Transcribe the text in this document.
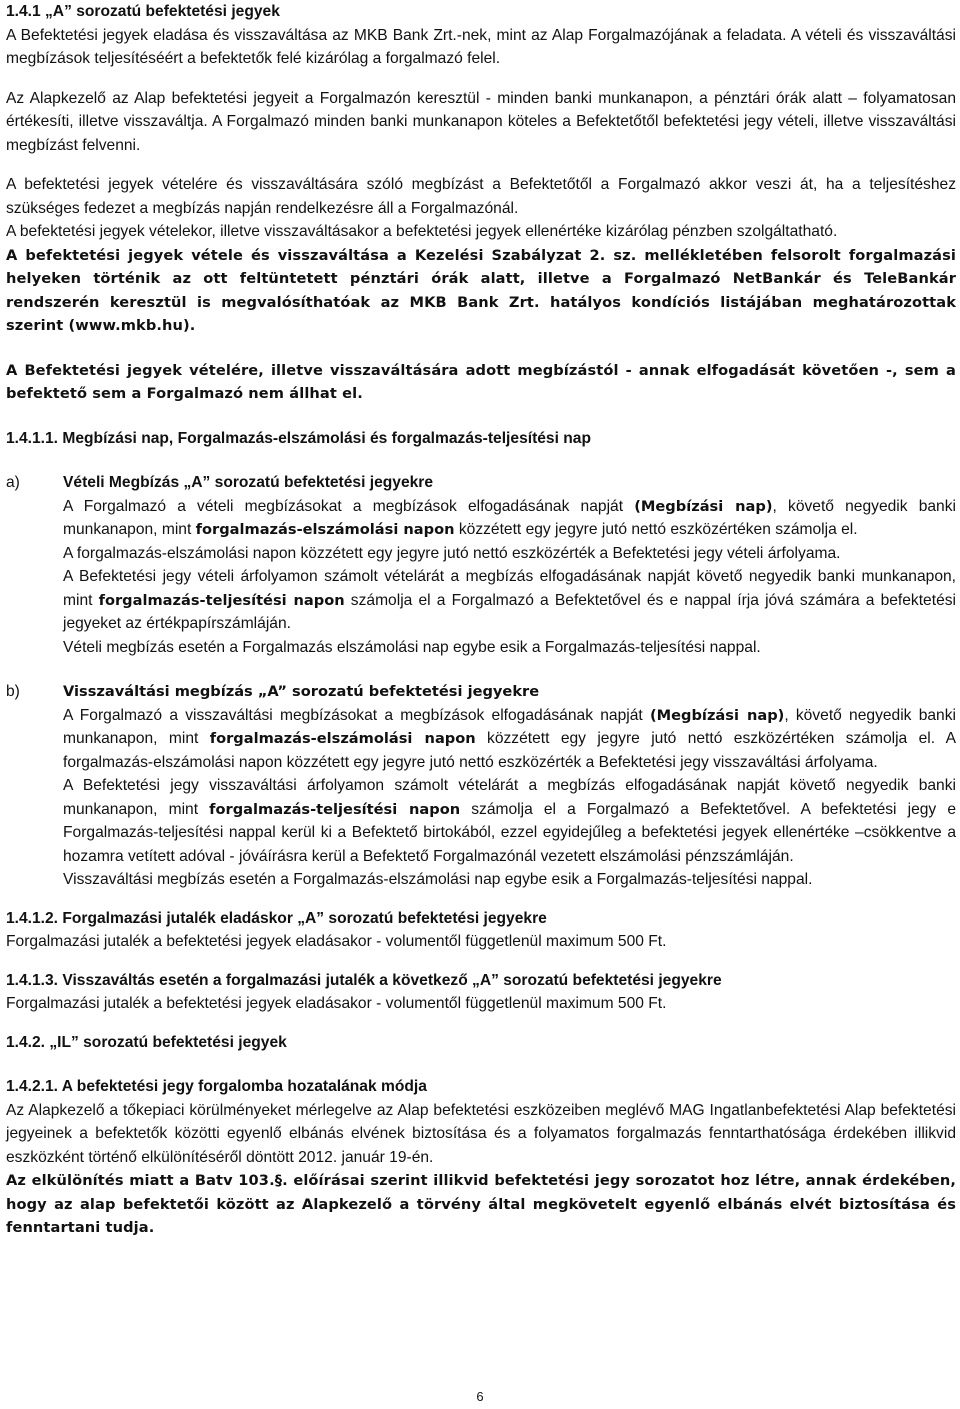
1.4.1 „A” sorozatú befektetési jegyek

A Befektetési jegyek eladása és visszaváltása az MKB Bank Zrt.-nek, mint az Alap Forgalmazójának a feladata. A vételi és visszaváltási megbízások teljesítéséért a befektetők felé kizárólag a forgalmazó felel.

Az Alapkezelő az Alap befektetési jegyeit a Forgalmazón keresztül - minden banki munkanapon, a pénztári órák alatt – folyamatosan értékesíti, illetve visszaváltja. A Forgalmazó minden banki munkanapon köteles a Befektetőtől befektetési jegy vételi, illetve visszaváltási megbízást felvenni.

A befektetési jegyek vételére és visszaváltására szóló megbízást a Befektetőtől a Forgalmazó akkor veszi át, ha a teljesítéshez szükséges fedezet a megbízás napján rendelkezésre áll a Forgalmazónál.

A befektetési jegyek vételekor, illetve visszaváltásakor a befektetési jegyek ellenértéke kizárólag pénzben szolgáltatható.

A befektetési jegyek vétele és visszaváltása a Kezelési Szabályzat 2. sz. mellékletében felsorolt forgalmazási helyeken történik az ott feltüntetett pénztári órák alatt, illetve a Forgalmazó NetBankár és TeleBankár rendszerén keresztül is megvalósíthatóak az MKB Bank Zrt. hatályos kondíciós listájában meghatározottak szerint (www.mkb.hu).

A Befektetési jegyek vételére, illetve visszaváltására adott megbízástól - annak elfogadását követően -, sem a befektető sem a Forgalmazó nem állhat el.

1.4.1.1. Megbízási nap, Forgalmazás-elszámolási és forgalmazás-teljesítési nap

a)	Vételi Megbízás „A” sorozatú befektetési jegyekre

A Forgalmazó a vételi megbízásokat a megbízások elfogadásának napját (Megbízási nap), követő negyedik banki munkanapon, mint forgalmazás-elszámolási napon közzétett egy jegyre jutó nettó eszközértéken számolja el.

A forgalmazás-elszámolási napon közzétett egy jegyre jutó nettó eszközérték a Befektetési jegy vételi árfolyama.

A Befektetési jegy vételi árfolyamon számolt vételárát a megbízás elfogadásának napját követő negyedik banki munkanapon, mint forgalmazás-teljesítési napon számolja el a Forgalmazó a Befektetővel és e nappal írja jóvá számára a befektetési jegyeket az értékpapírszámláján.

Vételi megbízás esetén a Forgalmazás elszámolási nap egybe esik a Forgalmazás-teljesítési nappal.

b)	Visszaváltási megbízás „A” sorozatú befektetési jegyekre

A Forgalmazó a visszaváltási megbízásokat a megbízások elfogadásának napját (Megbízási nap), követő negyedik banki munkanapon, mint forgalmazás-elszámolási napon közzétett egy jegyre jutó nettó eszközértéken számolja el. A forgalmazás-elszámolási napon közzétett egy jegyre jutó nettó eszközérték a Befektetési jegy visszaváltási árfolyama.

A Befektetési jegy visszaváltási árfolyamon számolt vételárát a megbízás elfogadásának napját követő negyedik banki munkanapon, mint forgalmazás-teljesítési napon számolja el a Forgalmazó a Befektetővel. A befektetési jegy e Forgalmazás-teljesítési nappal kerül ki a Befektető birtokából, ezzel egyidejűleg a befektetési jegyek ellenértéke –csökkentve a hozamra vetített adóval - jóváírásra kerül a Befektető Forgalmazónál vezetett elszámolási pénzszámláján.

Visszaváltási megbízás esetén a Forgalmazás-elszámolási nap egybe esik a Forgalmazás-teljesítési nappal.

1.4.1.2. Forgalmazási jutalék eladáskor „A” sorozatú befektetési jegyekre

Forgalmazási jutalék a befektetési jegyek eladásakor - volumentől függetlenül maximum 500 Ft.

1.4.1.3. Visszaváltás esetén a forgalmazási jutalék a következő „A” sorozatú befektetési jegyekre

Forgalmazási jutalék a befektetési jegyek eladásakor - volumentől függetlenül maximum 500 Ft.

1.4.2. „IL” sorozatú befektetési jegyek

1.4.2.1. A befektetési jegy forgalomba hozatalának módja

Az Alapkezelő a tőkepiaci körülményeket mérlegelve az Alap befektetési eszközeiben meglévő MAG Ingatlanbefektetési Alap befektetési jegyeinek a befektetők közötti egyenlő elbánás elvének biztosítása és a folyamatos forgalmazás fenntarthatósága érdekében illikvid eszközként történő elkülönítéséről döntött 2012. január 19-én.

Az elkülönítés miatt a Batv 103.§. előírásai szerint illikvid befektetési jegy sorozatot hoz létre, annak érdekében, hogy az alap befektetői között az Alapkezelő a törvény által megkövetelt egyenlő elbánás elvét biztosítása és fenntartani tudja.

6
